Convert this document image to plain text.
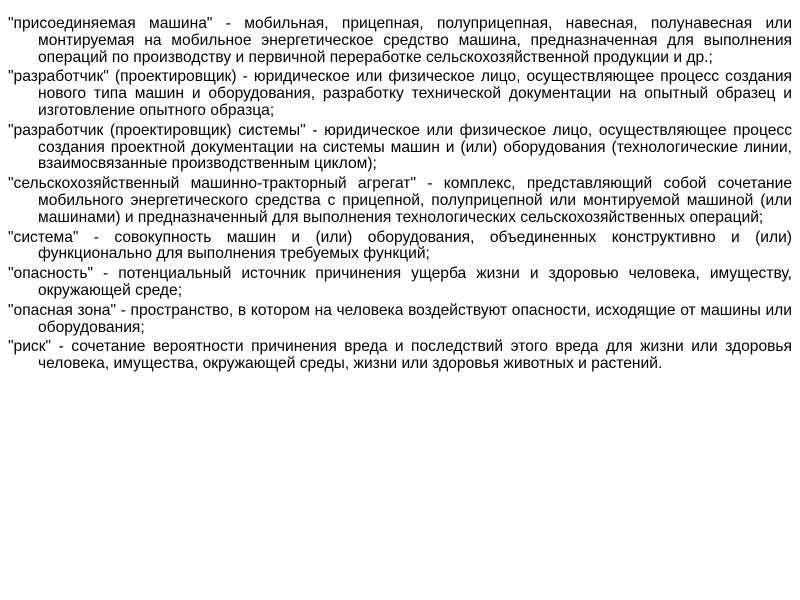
"присоединяемая машина" - мобильная, прицепная, полуприцепная, навесная, полунавесная или монтируемая на мобильное энергетическое средство машина, предназначенная для выполнения операций по производству и первичной переработке сельскохозяйственной продукции и др.;

"разработчик" (проектировщик) - юридическое или физическое лицо, осуществляющее процесс создания нового типа машин и оборудования, разработку технической документации на опытный образец и изготовление опытного образца;

"разработчик (проектировщик) системы" - юридическое или физическое лицо, осуществляющее процесс создания проектной документации на системы машин и (или) оборудования (технологические линии, взаимосвязанные производственным циклом);

"сельскохозяйственный машинно-тракторный агрегат" - комплекс, представляющий собой сочетание мобильного энергетического средства с прицепной, полуприцепной или монтируемой машиной (или машинами) и предназначенный для выполнения технологических сельскохозяйственных операций;

"система" - совокупность машин и (или) оборудования, объединенных конструктивно и (или) функционально для выполнения требуемых функций;

"опасность" - потенциальный источник причинения ущерба жизни и здоровью человека, имуществу, окружающей среде;

"опасная зона" - пространство, в котором на человека воздействуют опасности, исходящие от машины или оборудования;

"риск" - сочетание вероятности причинения вреда и последствий этого вреда для жизни или здоровья человека, имущества, окружающей среды, жизни или здоровья животных и растений.
